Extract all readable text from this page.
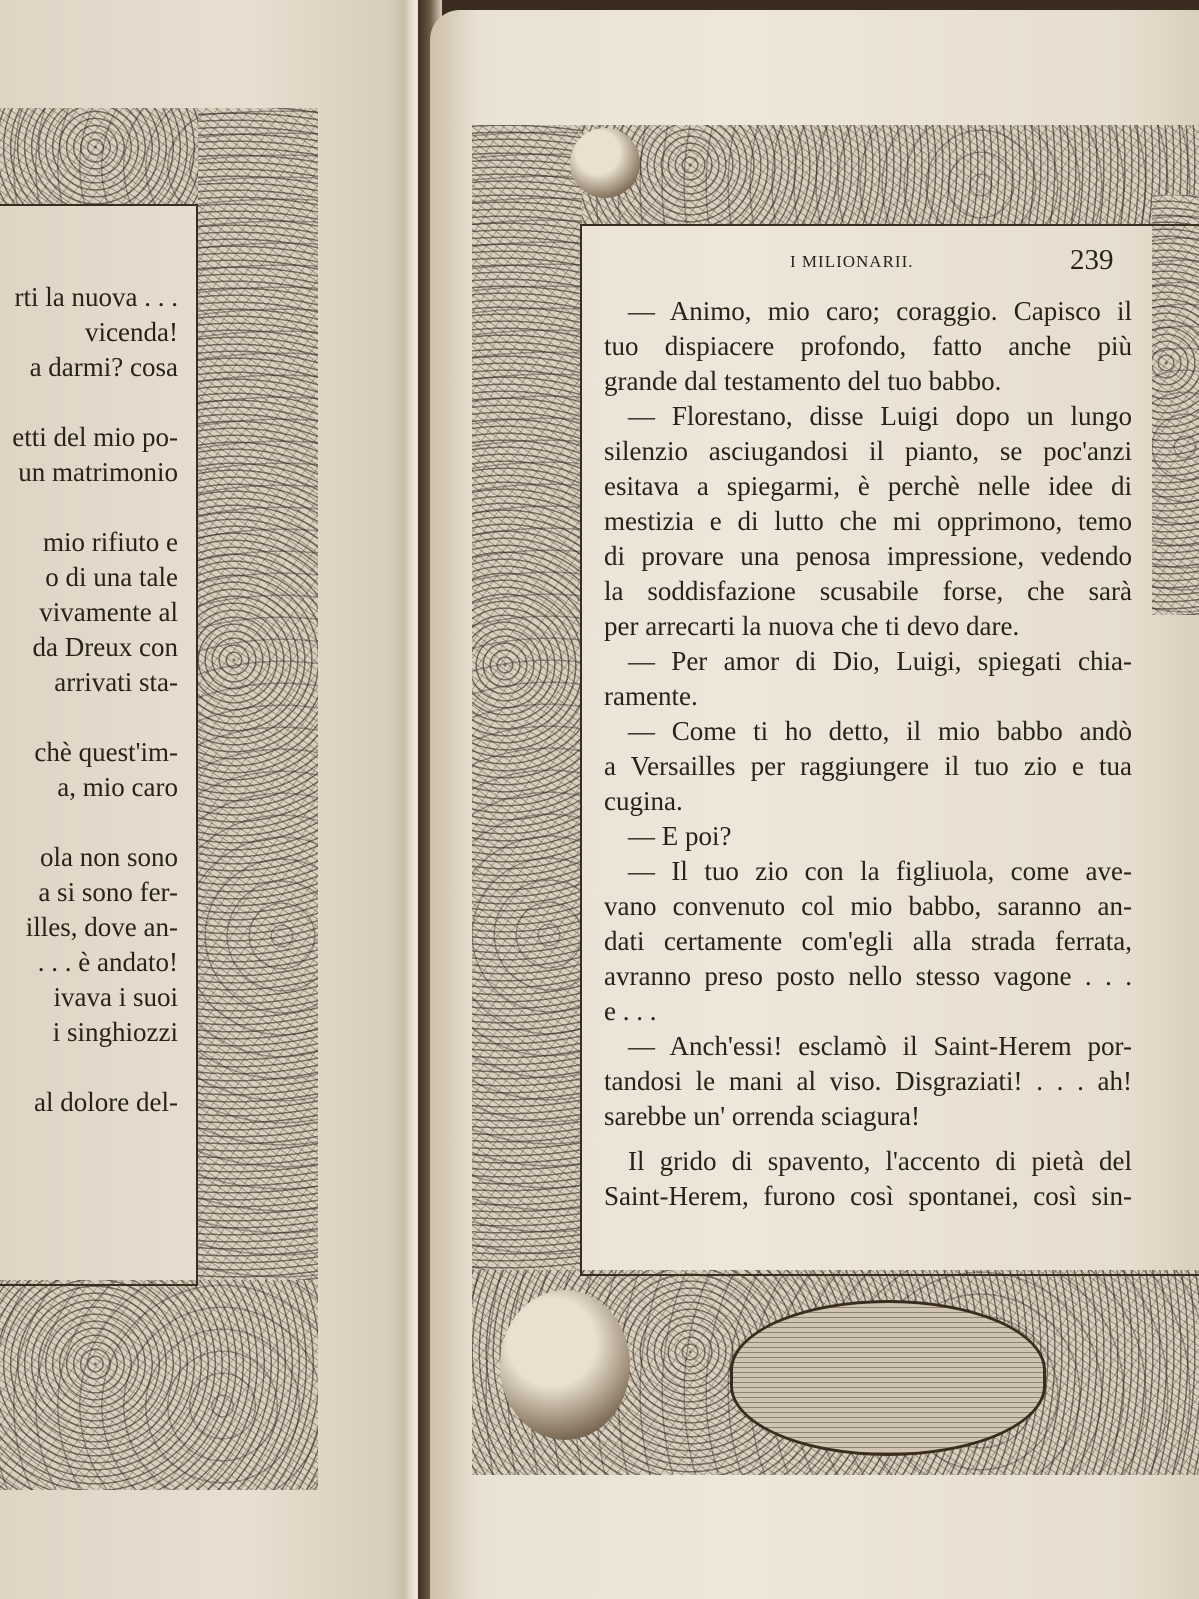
I MILIONARII.	239
rti la nuova . . .
vicenda!
a darmi? cosa
etti del mio po-
un matrimonio
mio rifiuto e
o di una tale
vivamente al
da Dreux con
arrivati sta-
chè quest'im-
a, mio caro
ola non sono
a si sono fer-
illes, dove an-
. . . è andato!
ivava i suoi
i singhiozzi
al dolore del-
— Animo, mio caro; coraggio. Capisco il
tuo dispiacere profondo, fatto anche più
grande dal testamento del tuo babbo.
— Florestano, disse Luigi dopo un lungo
silenzio asciugandosi il pianto, se poc'anzi
esitava a spiegarmi, è perchè nelle idee di
mestizia e di lutto che mi opprimono, temo
di provare una penosa impressione, vedendo
la soddisfazione scusabile forse, che sarà
per arrecarti la nuova che ti devo dare.
— Per amor di Dio, Luigi, spiegati chia-
ramente.
— Come ti ho detto, il mio babbo andò
a Versailles per raggiungere il tuo zio e tua
cugina.
— E poi?
— Il tuo zio con la figliuola, come ave-
vano convenuto col mio babbo, saranno an-
dati certamente com'egli alla strada ferrata,
avranno preso posto nello stesso vagone . . .
e . . .
— Anch'essi! esclamò il Saint-Herem por-
tandosi le mani al viso. Disgraziati! . . . ah!
sarebbe un' orrenda sciagura!
Il grido di spavento, l'accento di pietà del
Saint-Herem, furono così spontanei, così sin-
